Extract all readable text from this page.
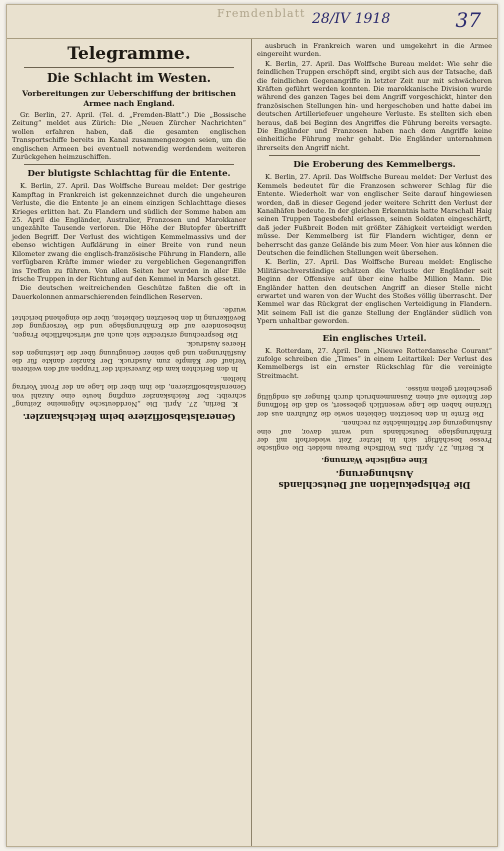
Fremdenblatt 28/IV 1918	37
Telegramme.
Die Schlacht im Westen.
Vorbereitungen zur Ueberschiffung der britischen Armee nach England.

Gr. Berlin, 27. April. (Tel. d. „Fremden-Blatt“.) Die „Bossische Zeitung“ meldet aus Zürich: Die „Neuen Zürcher Nachrichten“ wollen erfahren haben, daß die gesamten englischen Transportschiffe bereits im Kanal zusammengezogen seien, um die englischen Armeen bei eventuell notwendig werdendem weiteren Zurückgehen heimzuschiffen.

Der blutigste Schlachttag für die Entente.

K. Berlin, 27. April. Das Wolffsche Bureau meldet: Der gestrige Kampftag in Frankreich ist gekennzeichnet durch die ungeheuren Verluste, die die Entente je an einem einzigen Schlachttage dieses Krieges erlitten hat. Zu Flandern und südlich der Somme haben am 25. April die Engländer, Australier, Franzosen und Marokkaner ungezählte Tausende verloren. Die Höhe der Blutopfer übertrifft jeden Begriff. Der Verlust des wichtigen Kemmelmassivs und der ebenso wichtigen Aufklärung in einer Breite von rund neun Kilometer zwang die englisch-französische Führung in Flandern, alle verfügbaren Kräfte immer wieder zu vergeblichen Gegenangriffen ins Treffen zu führen. Von allen Seiten her wurden in aller Eile frische Truppen in der Richtung auf den Kemmel in Marsch gesetzt.

Die deutschen weitreichenden Geschütze faßten die oft in Dauerkolonnen anmarschierenden feindlichen Reserven.

Generalstabsoffiziere beim Reichskanzler.

K. Berlin, 27. April. Die „Norddeutsche Allgemeine Zeitung“ schreibt: Der Reichskanzler empfing heute eine Anzahl von Generalstabsoffizieren, die ihm über die Lage an der Front Vortrag hielten.

In den Berichten kam die Zuversicht der Truppen auf den weiteren Verlauf der Kämpfe zum Ausdruck. Der Kanzler dankte für die Ausführungen und gab seiner Genugtuung über die Leistungen des Heeres Ausdruck.

Die Besprechung erstreckte sich auch auf wirtschaftliche Fragen, insbesondere auf die Ernährungslage und die Versorgung der Bevölkerung in den besetzten Gebieten, über die eingehend berichtet wurde.

ausbruch in Frankreich waren und umgekehrt in die Armee eingereiht wurden.

K. Berlin, 27. April. Das Wolffsche Bureau meldet: Wie sehr die feindlichen Truppen erschöpft sind, ergibt sich aus der Tatsache, daß die feindlichen Gegenangriffe in letzter Zeit nur mit schwächeren Kräften geführt werden konnten. Die marokkanische Division wurde während des ganzen Tages bei dem Angriff vorgeschickt, hinter den französischen Stellungen hin- und hergeschoben und hatte dabei im deutschen Artilleriefeuer ungeheure Verluste. Es stellten sich eben heraus, daß bei Beginn des Angriffes die Führung bereits versagte. Die Engländer und Franzosen haben nach dem Angriffe keine einheitliche Führung mehr gehabt. Die Engländer unternahmen ihrerseits den Angriff nicht.

Die Eroberung des Kemmelbergs.

K. Berlin, 27. April. Das Wolffsche Bureau meldet: Der Verlust des Kemmels bedeutet für die Franzosen schwerer Schlag für die Entente. Wiederholt war von englischer Seite darauf hingewiesen worden, daß in dieser Gegend jeder weitere Schritt den Verlust der Kanalhäfen bedeute. In der gleichen Erkenntnis hatte Marschall Haig seinen Truppen Tagesbefehl erlassen, seinen Soldaten eingeschärft, daß jeder Fußbreit Boden mit größter Zähigkeit verteidigt werden müsse. Der Kemmelberg ist für Flandern wichtiger, denn er beherrscht das ganze Gelände bis zum Meer. Von hier aus können die Deutschen die feindlichen Stellungen weit übersehen.

K. Berlin, 27. April. Das Wolffsche Bureau meldet: Englische Militärsachverständige schätzen die Verluste der Engländer seit Beginn der Offensive auf über eine halbe Million Mann. Die Engländer hatten den deutschen Angriff an dieser Stelle nicht erwartet und waren von der Wucht des Stoßes völlig überrascht. Der Kemmel war das Rückgrat der englischen Verteidigung in Flandern. Mit seinem Fall ist die ganze Stellung der Engländer südlich von Ypern unhaltbar geworden.

Ein englisches Urteil.

K. Rotterdam, 27. April. Dem „Nieuwe Rotterdamsche Courant“ zufolge schreiben die „Times“ in einem Leitartikel: Der Verlust des Kemmelbergs ist ein ernster Rückschlag für die vereinigte Streitmacht.

Die Fehlspekulation auf Deutschlands Aushungerung.
Eine englische Warnung.

K. Berlin, 27. April. Das Wolffsche Bureau meldet: Die englische Presse beschäftigt sich in letzter Zeit wiederholt mit der Ernährungslage Deutschlands und warnt davor, auf eine Aushungerung der Mittelmächte zu rechnen.

Die Ernte in den besetzten Gebieten sowie die Zufuhren aus der Ukraine haben die Lage wesentlich gebessert, so daß die Hoffnung der Entente auf einen Zusammenbruch durch Hunger als endgültig gescheitert gelten müsse.
